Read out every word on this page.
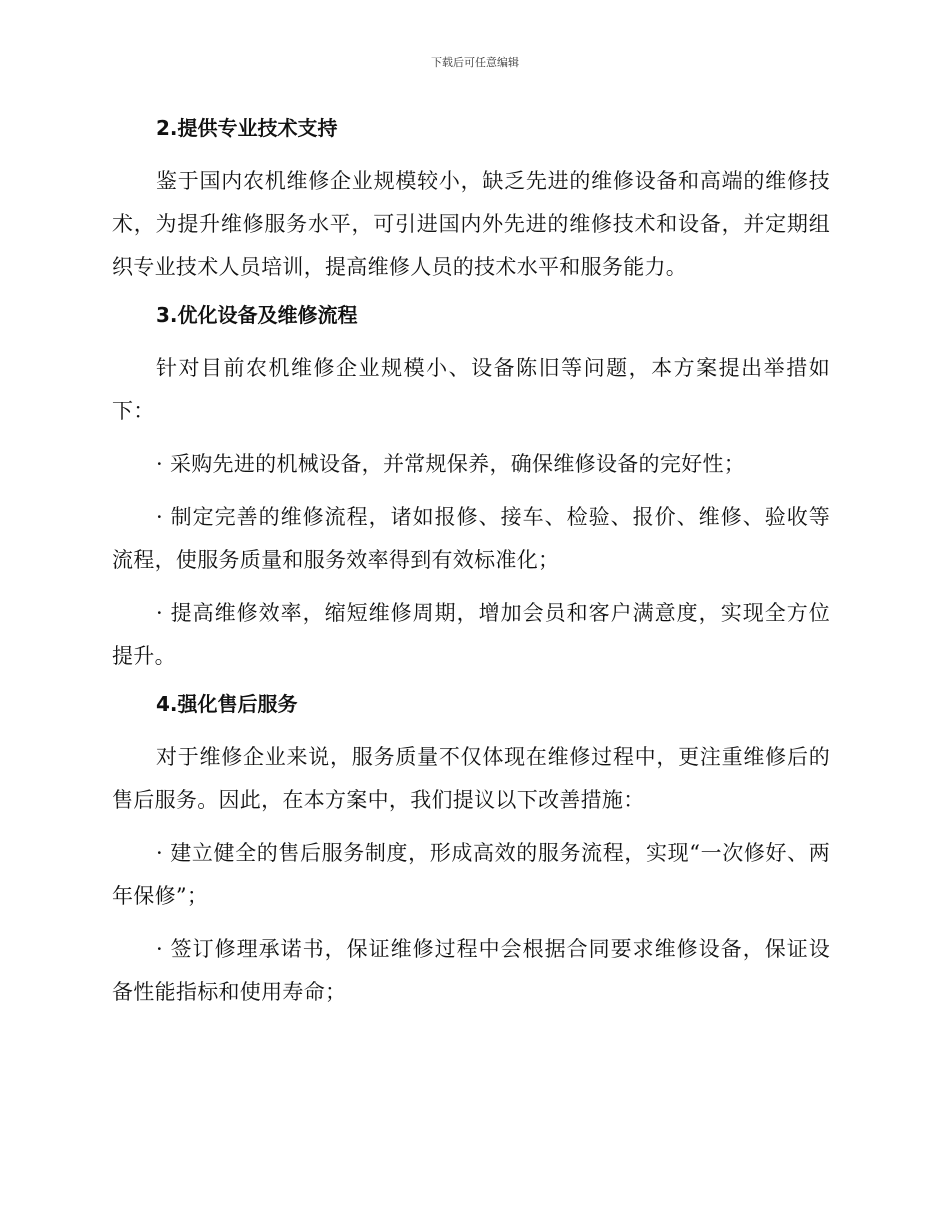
下载后可任意编辑
2.提供专业技术支持

鉴于国内农机维修企业规模较小，缺乏先进的维修设备和高端的维修技术，为提升维修服务水平，可引进国内外先进的维修技术和设备，并定期组织专业技术人员培训，提高维修人员的技术水平和服务能力。

3.优化设备及维修流程

针对目前农机维修企业规模小、设备陈旧等问题，本方案提出举措如下：

· 采购先进的机械设备，并常规保养，确保维修设备的完好性；

· 制定完善的维修流程，诸如报修、接车、检验、报价、维修、验收等流程，使服务质量和服务效率得到有效标准化；

· 提高维修效率，缩短维修周期，增加会员和客户满意度，实现全方位提升。

4.强化售后服务

对于维修企业来说，服务质量不仅体现在维修过程中，更注重维修后的售后服务。因此，在本方案中，我们提议以下改善措施：

· 建立健全的售后服务制度，形成高效的服务流程，实现“一次修好、两年保修”；

· 签订修理承诺书，保证维修过程中会根据合同要求维修设备，保证设备性能指标和使用寿命；
